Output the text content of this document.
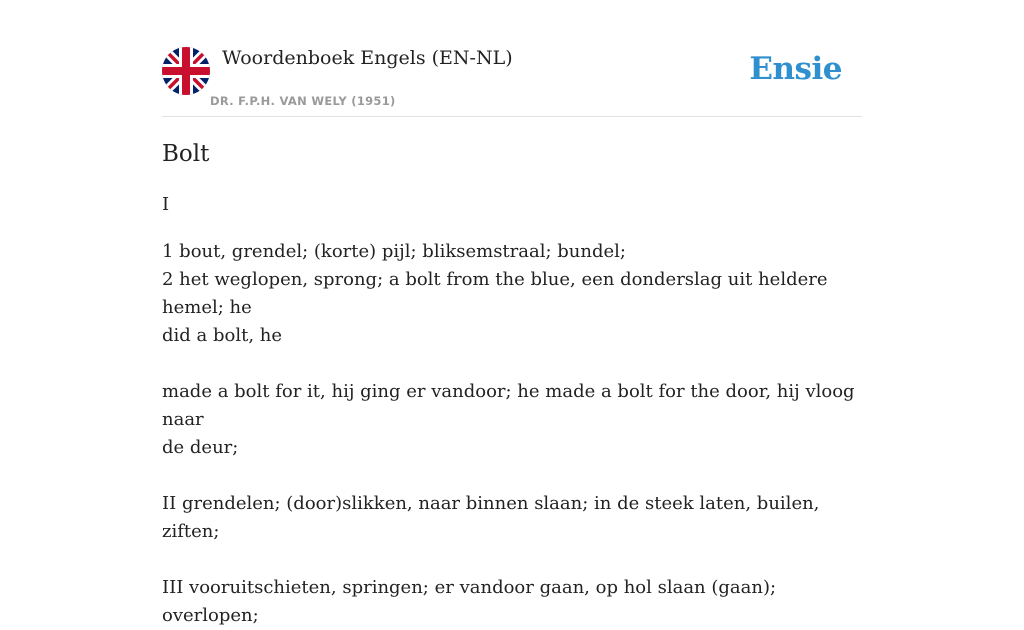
Woordenboek Engels (EN-NL)
DR. F.P.H. VAN WELY (1951)
Ensie
Bolt
I
1 bout, grendel; (korte) pijl; bliksemstraal; bundel;
2 het weglopen, sprong; a bolt from the blue, een donderslag uit heldere hemel; he
did a bolt, he
made a bolt for it, hij ging er vandoor; he made a bolt for the door, hij vloog naar
de deur;
II grendelen; (door)slikken, naar binnen slaan; in de steek laten, builen, ziften;
III vooruitschieten, springen; er vandoor gaan, op hol slaan (gaan); overlopen;
